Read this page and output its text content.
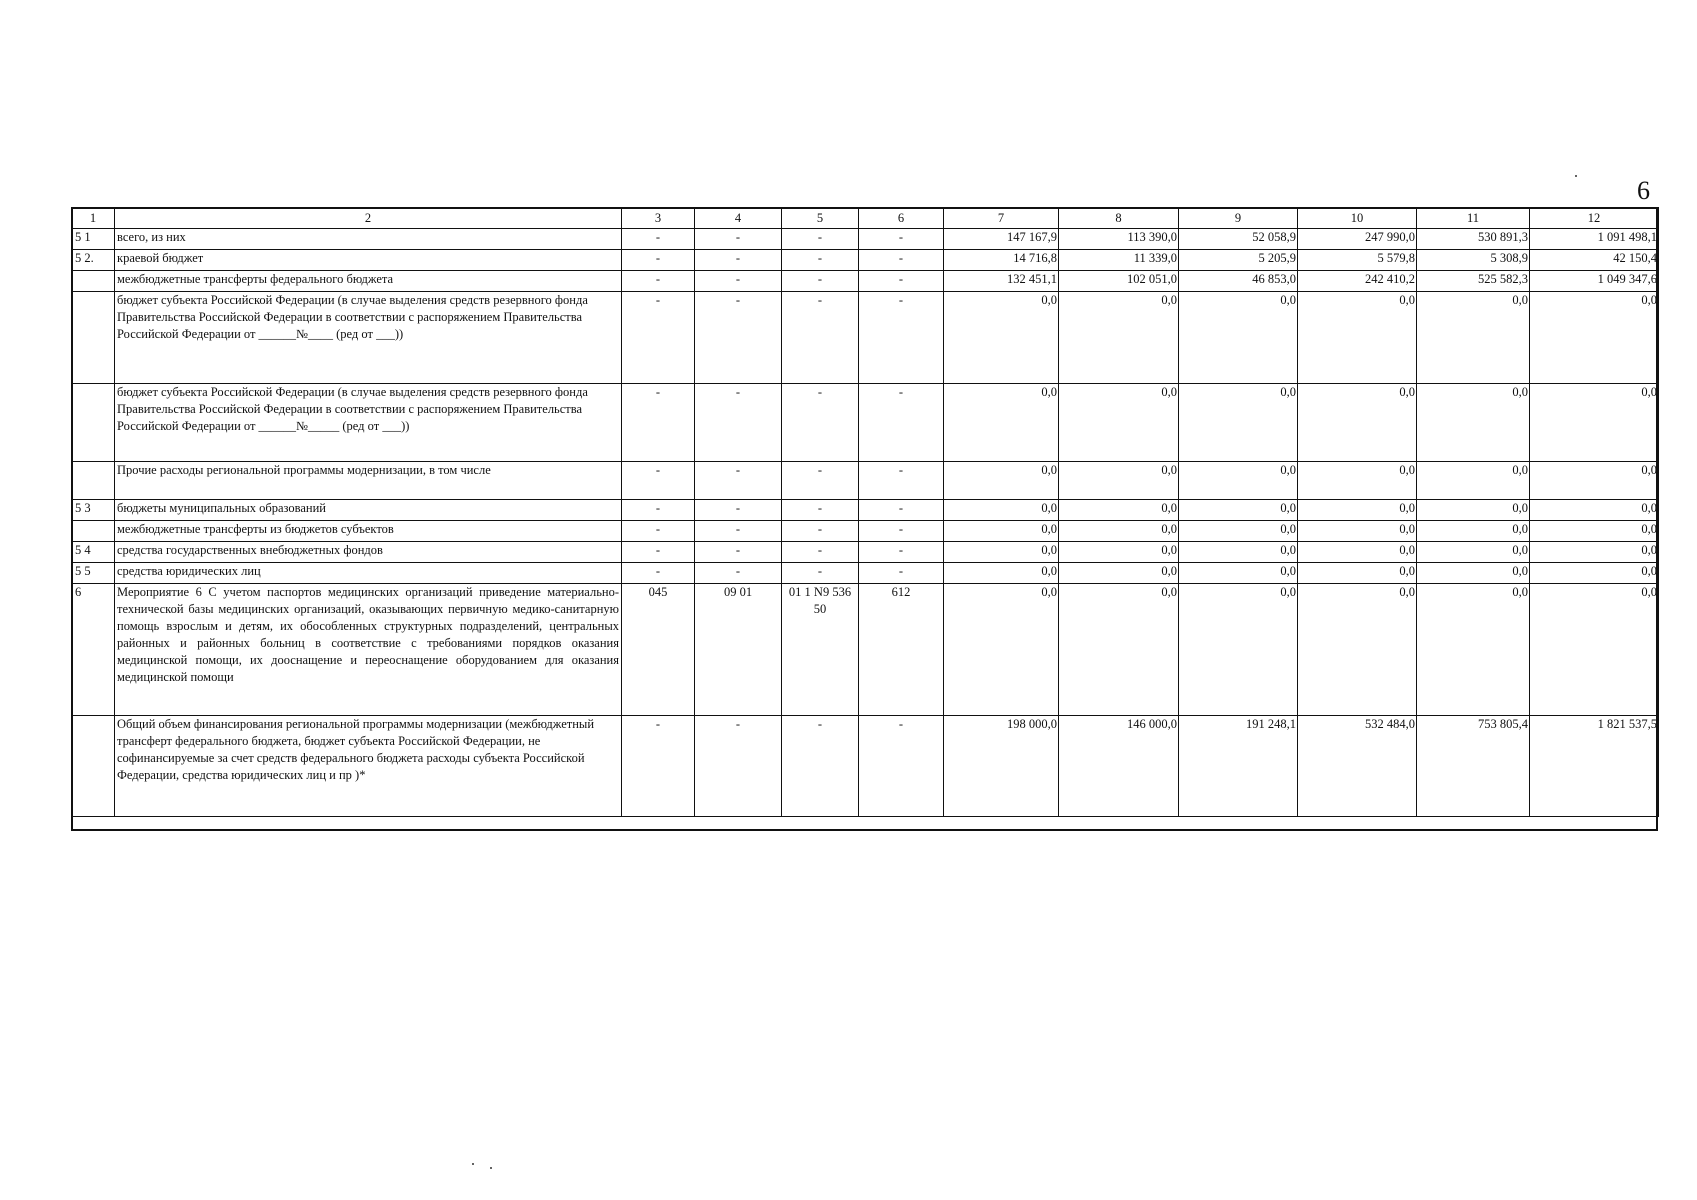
6
1	2	3	4	5	6	7	8	9	10	11	12
5 1	всего, из них	-	-	-	-	147 167,9	113 390,0	52 058,9	247 990,0	530 891,3	1 091 498,1
5 2.	краевой бюджет	-	-	-	-	14 716,8	11 339,0	5 205,9	5 579,8	5 308,9	42 150,4
	межбюджетные трансферты федерального бюджета	-	-	-	-	132 451,1	102 051,0	46 853,0	242 410,2	525 582,3	1 049 347,6
	бюджет субъекта Российской Федерации (в случае выделения средств резервного фонда Правительства Российской Федерации в соответствии с распоряжением Правительства Российской Федерации от ______№____ (ред от ___))	-	-	-	-	0,0	0,0	0,0	0,0	0,0	0,0
	бюджет субъекта Российской Федерации (в случае выделения средств резервного фонда Правительства Российской Федерации в соответствии с распоряжением Правительства Российской Федерации от ______№_____ (ред от ___))	-	-	-	-	0,0	0,0	0,0	0,0	0,0	0,0
	Прочие расходы региональной программы модернизации, в том числе	-	-	-	-	0,0	0,0	0,0	0,0	0,0	0,0
5 3	бюджеты муниципальных образований	-	-	-	-	0,0	0,0	0,0	0,0	0,0	0,0
	межбюджетные трансферты из бюджетов субъектов	-	-	-	-	0,0	0,0	0,0	0,0	0,0	0,0
5 4	средства государственных внебюджетных фондов	-	-	-	-	0,0	0,0	0,0	0,0	0,0	0,0
5 5	средства юридических лиц	-	-	-	-	0,0	0,0	0,0	0,0	0,0	0,0
6	Мероприятие 6 С учетом паспортов медицинских организаций приведение материально-технической базы медицинских организаций, оказывающих первичную медико-санитарную помощь взрослым и детям, их обособленных структурных подразделений, центральных районных и районных больниц в соответствие с требованиями порядков оказания медицинской помощи, их дооснащение и переоснащение оборудованием для оказания медицинской помощи	045	09 01	01 1 N9 536 50	612	0,0	0,0	0,0	0,0	0,0	0,0
	Общий объем финансирования региональной программы модернизации (межбюджетный трансферт федерального бюджета, бюджет субъекта Российской Федерации, не софинансируемые за счет средств федерального бюджета расходы субъекта Российской Федерации, средства юридических лиц и пр )*	-	-	-	-	198 000,0	146 000,0	191 248,1	532 484,0	753 805,4	1 821 537,5
